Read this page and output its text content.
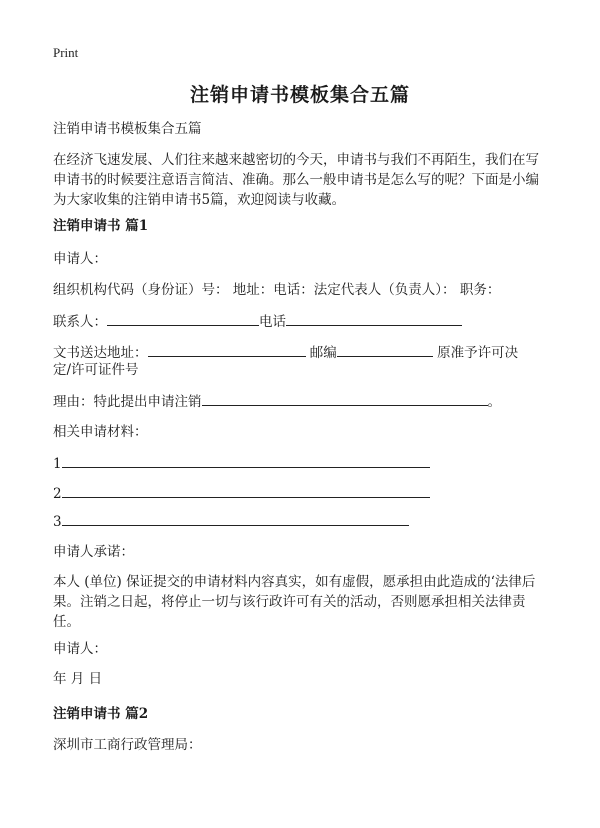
Print
注销申请书模板集合五篇
注销申请书模板集合五篇
在经济飞速发展、人们往来越来越密切的今天，申请书与我们不再陌生，我们在写申请书的时候要注意语言简洁、准确。那么一般申请书是怎么写的呢？下面是小编为大家收集的注销申请书5篇，欢迎阅读与收藏。
注销申请书 篇1
申请人：
组织机构代码（身份证）号： 地址：电话：法定代表人（负责人）： 职务：
联系人：	电话
文书送达地址：	邮编	原准予许可决
定/许可证件号
理由：特此提出申请注销	。
相关申请材料：
1
2
3
申请人承诺：
本人 (单位) 保证提交的申请材料内容真实，如有虚假，愿承担由此造成的‘法律后果。注销之日起，将停止一切与该行政许可有关的活动，否则愿承担相关法律责任。
申请人：
年 月 日
注销申请书 篇2
深圳市工商行政管理局：
